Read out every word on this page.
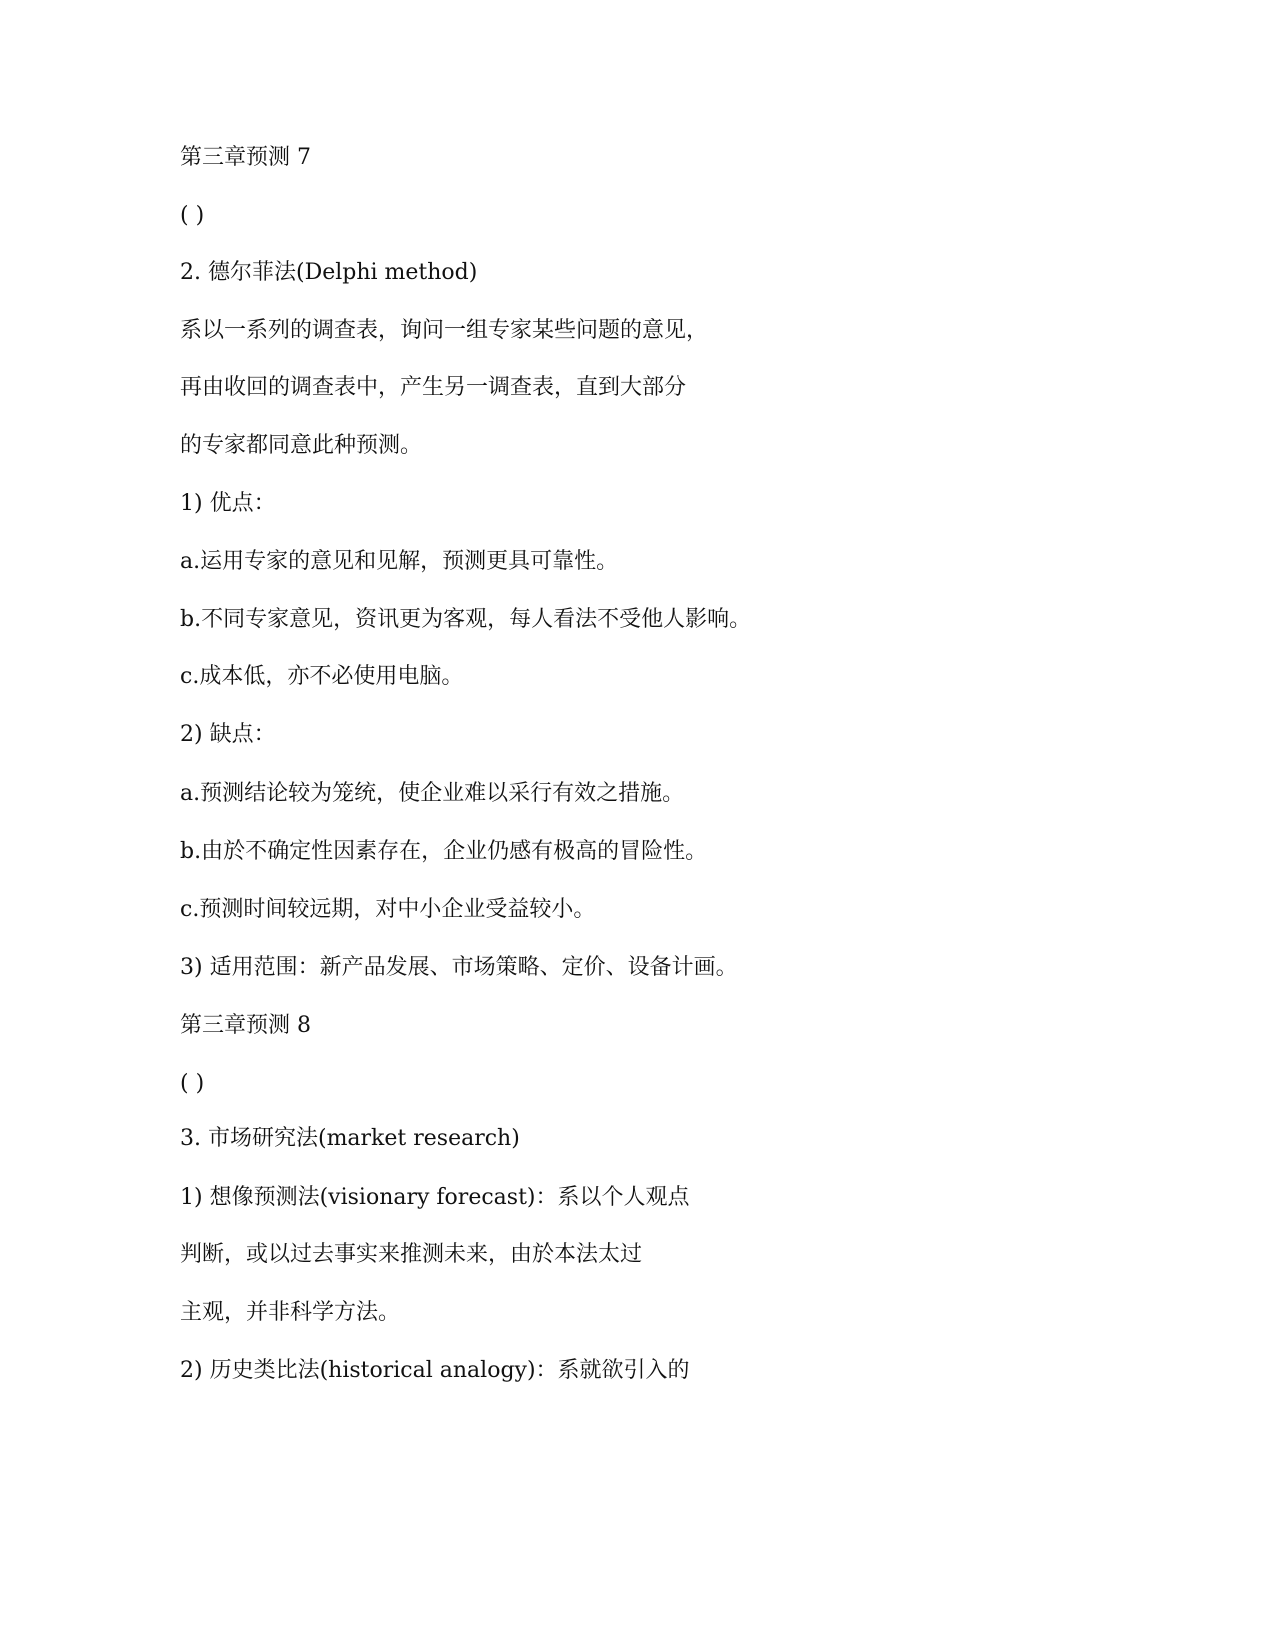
第三章预测 7
( )
2. 德尔菲法(Delphi method)
系以一系列的调查表，询问一组专家某些问题的意见，
再由收回的调查表中，产生另一调查表，直到大部分
的专家都同意此种预测。
1) 优点：
a.运用专家的意见和见解，预测更具可靠性。
b.不同专家意见，资讯更为客观，每人看法不受他人影响。
c.成本低，亦不必使用电脑。
2) 缺点：
a.预测结论较为笼统，使企业难以采行有效之措施。
b.由於不确定性因素存在，企业仍感有极高的冒险性。
c.预测时间较远期，对中小企业受益较小。
3) 适用范围：新产品发展、市场策略、定价、设备计画。
第三章预测 8
( )
3. 市场研究法(market research)
1) 想像预测法(visionary forecast)：系以个人观点
判断，或以过去事实来推测未来，由於本法太过
主观，并非科学方法。
2) 历史类比法(historical analogy)：系就欲引入的
